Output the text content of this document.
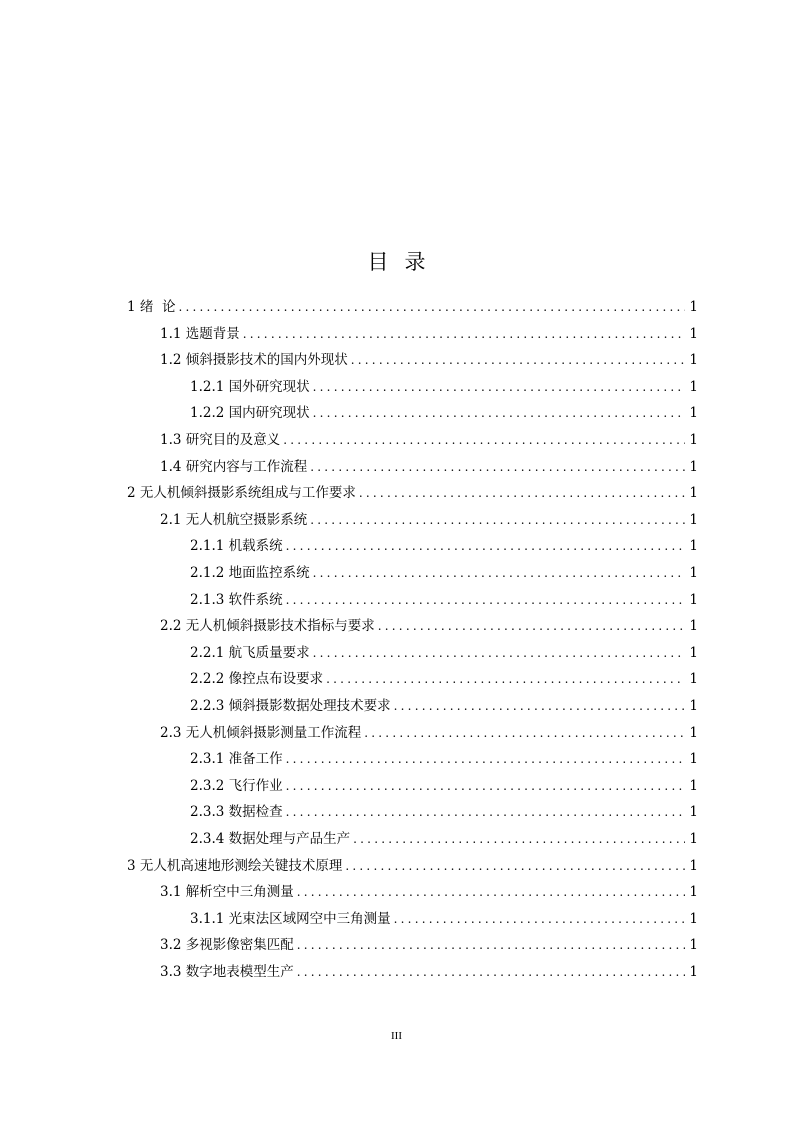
目录
1 绪  论 .....	1
1.1 选题背景 .....	1
1.2 倾斜摄影技术的国内外现状 .....	1
1.2.1 国外研究现状 .....	1
1.2.2 国内研究现状 .....	1
1.3 研究目的及意义 .....	1
1.4 研究内容与工作流程 .....	1
2 无人机倾斜摄影系统组成与工作要求 .....	1
2.1 无人机航空摄影系统 .....	1
2.1.1 机载系统 .....	1
2.1.2 地面监控系统 .....	1
2.1.3 软件系统 .....	1
2.2 无人机倾斜摄影技术指标与要求 .....	1
2.2.1 航飞质量要求 .....	1
2.2.2 像控点布设要求 .....	1
2.2.3 倾斜摄影数据处理技术要求 .....	1
2.3 无人机倾斜摄影测量工作流程 .....	1
2.3.1 准备工作 .....	1
2.3.2 飞行作业 .....	1
2.3.3 数据检查 .....	1
2.3.4 数据处理与产品生产 .....	1
3 无人机高速地形测绘关键技术原理 .....	1
3.1 解析空中三角测量 .....	1
3.1.1 光束法区域网空中三角测量 .....	1
3.2 多视影像密集匹配 .....	1
3.3 数字地表模型生产 .....	1
III
